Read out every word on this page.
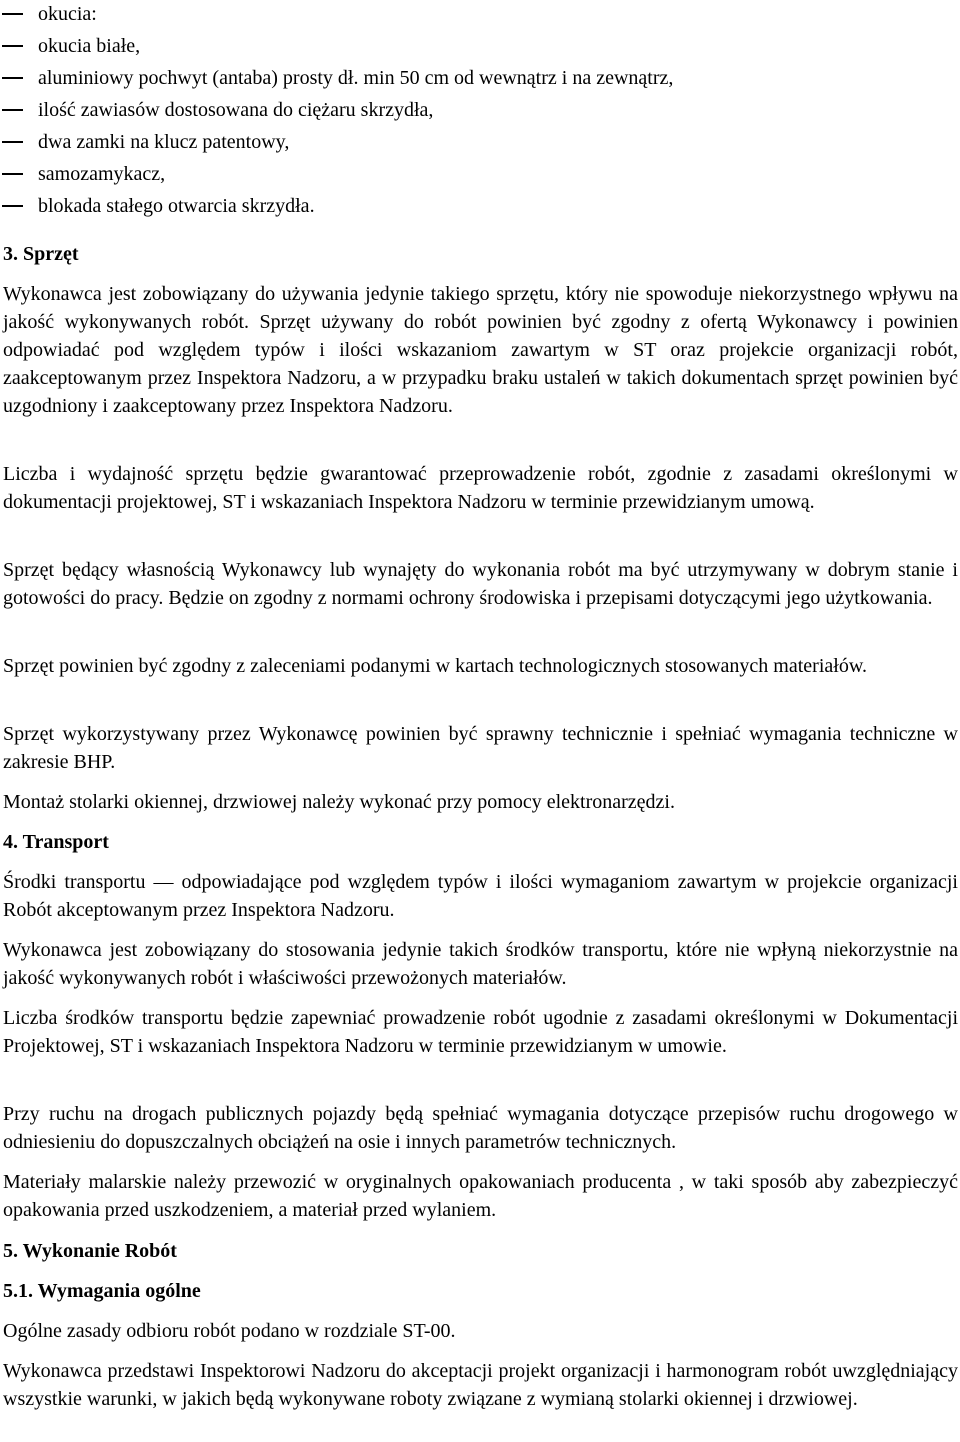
okucia:
okucia białe,
aluminiowy pochwyt (antaba) prosty dł. min 50 cm od wewnątrz i na zewnątrz,
ilość zawiasów dostosowana do ciężaru skrzydła,
dwa zamki na klucz patentowy,
samozamykacz,
blokada stałego otwarcia skrzydła.
3. Sprzęt

Wykonawca jest zobowiązany do używania jedynie takiego sprzętu, który nie spowoduje niekorzystnego wpływu na jakość wykonywanych robót. Sprzęt używany do robót powinien być zgodny z ofertą Wykonawcy i powinien odpowiadać pod względem typów i ilości wskazaniom zawartym w ST oraz projekcie organizacji robót, zaakceptowanym przez Inspektora Nadzoru, a w przypadku braku ustaleń w takich dokumentach sprzęt powinien być uzgodniony i zaakceptowany przez Inspektora Nadzoru.

Liczba i wydajność sprzętu będzie gwarantować przeprowadzenie robót, zgodnie z zasadami określonymi w dokumentacji projektowej, ST i wskazaniach Inspektora Nadzoru w terminie przewidzianym umową.

Sprzęt będący własnością Wykonawcy lub wynajęty do wykonania robót ma być utrzymywany w dobrym stanie i gotowości do pracy. Będzie on zgodny z normami ochrony środowiska i przepisami dotyczącymi jego użytkowania.

Sprzęt powinien być zgodny z zaleceniami podanymi w kartach technologicznych stosowanych materiałów.

Sprzęt wykorzystywany przez Wykonawcę powinien być sprawny technicznie i spełniać wymagania techniczne w zakresie BHP.

Montaż stolarki okiennej, drzwiowej należy wykonać przy pomocy elektronarzędzi.

4. Transport

Środki transportu — odpowiadające pod względem typów i ilości wymaganiom zawartym w projekcie organizacji Robót akceptowanym przez Inspektora Nadzoru.

Wykonawca jest zobowiązany do stosowania jedynie takich środków transportu, które nie wpłyną niekorzystnie na jakość wykonywanych robót i właściwości przewożonych materiałów.

Liczba środków transportu będzie zapewniać prowadzenie robót ugodnie z zasadami określonymi w Dokumentacji Projektowej, ST i wskazaniach Inspektora Nadzoru w terminie przewidzianym w umowie.

Przy ruchu na drogach publicznych pojazdy będą spełniać wymagania dotyczące przepisów ruchu drogowego w odniesieniu do dopuszczalnych obciążeń na osie i innych parametrów technicznych.

Materiały malarskie należy przewozić w oryginalnych opakowaniach producenta , w taki sposób aby zabezpieczyć opakowania przed uszkodzeniem, a materiał przed wylaniem.

5. Wykonanie Robót
5.1. Wymagania ogólne

Ogólne zasady odbioru robót podano w rozdziale ST-00.

Wykonawca przedstawi Inspektorowi Nadzoru do akceptacji projekt organizacji i harmonogram robót uwzględniający wszystkie warunki, w jakich będą wykonywane roboty związane z wymianą stolarki okiennej i drzwiowej.
